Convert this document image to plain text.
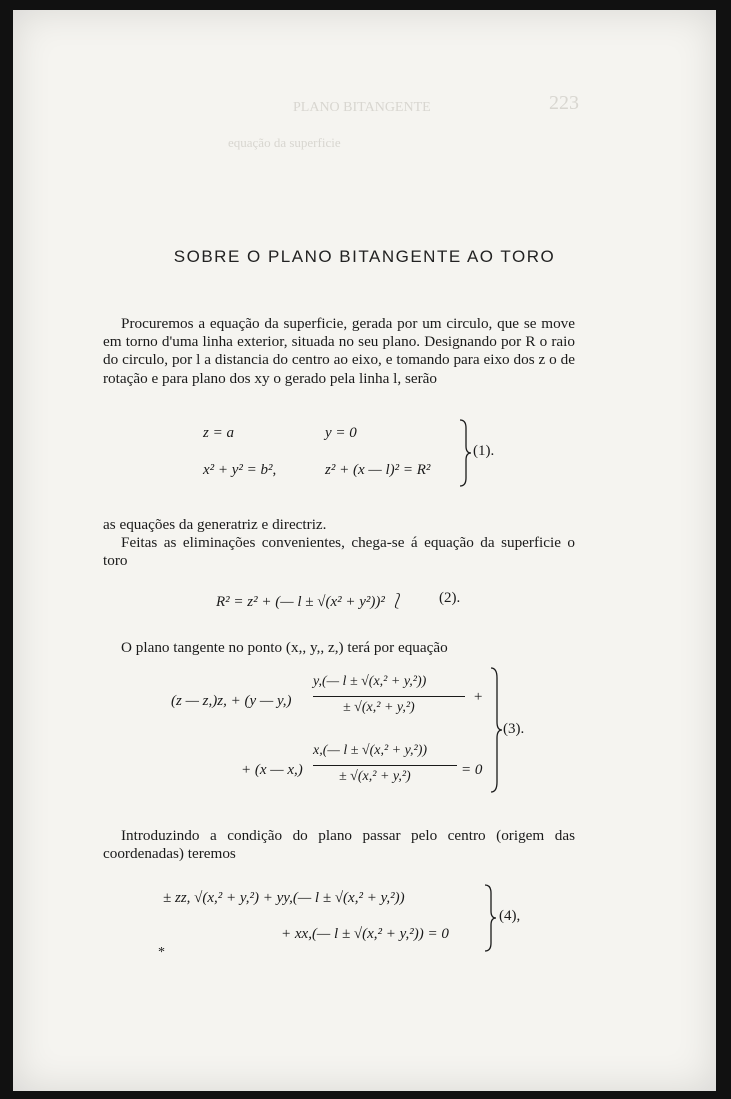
PLANO BITANGENTE	223
equação da superficie
SOBRE O PLANO BITANGENTE AO TORO
Procuremos a equação da superficie, gerada por um circulo, que se move em torno d'uma linha exterior, situada no seu plano. Designando por R o raio do circulo, por l a distancia do centro ao eixo, e tomando para eixo dos z o de rotação e para plano dos xy o gerado pela linha l, serão
z = a	y = 0
x² + y² = b²,	z² + (x — l)² = R²
(1).
as equações da generatriz e directriz.
Feitas as eliminações convenientes, chega-se á equação da superficie o toro
R² = z² + (— l ± √(x² + y²))² ⎱ (2).
O plano tangente no ponto (x,, y,, z,) terá por equação
(z — z,)z, + (y — y,)
y,(— l ± √(x,² + y,²))
± √(x,² + y,²)
+
+ (x — x,)
x,(— l ± √(x,² + y,²))
± √(x,² + y,²)	= 0
(3).
Introduzindo a condição do plano passar pelo centro (origem das coordenadas) teremos
± zz, √(x,² + y,²) + yy,(— l ± √(x,² + y,²))
+ xx,(— l ± √(x,² + y,²)) = 0
(4),
*
